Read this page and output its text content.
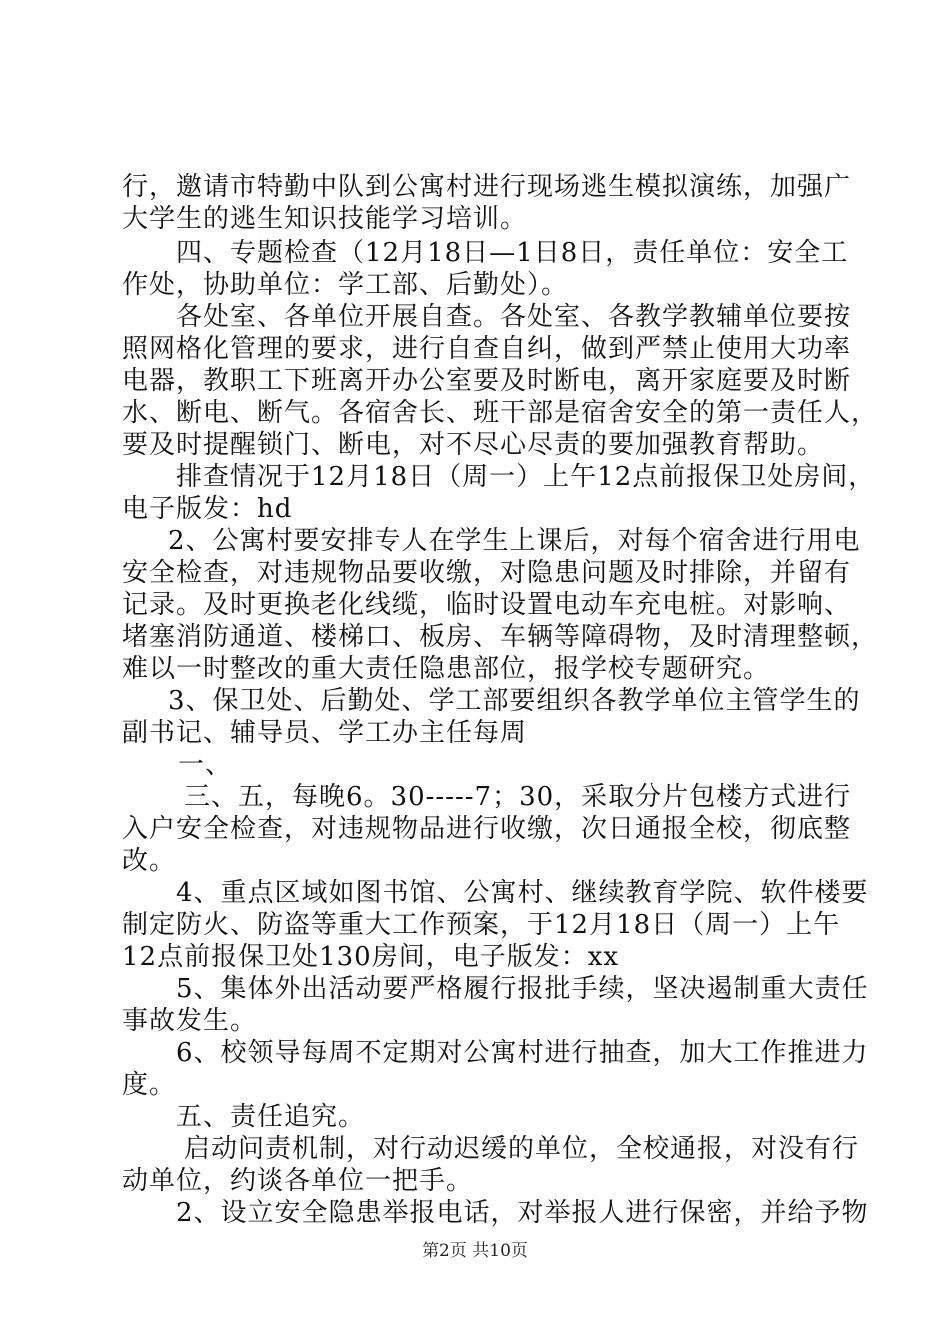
行，邀请市特勤中队到公寓村进行现场逃生模拟演练，加强广
大学生的逃生知识技能学习培训。
四、专题检查（12月18日—1日8日，责任单位：安全工
作处，协助单位：学工部、后勤处）。
各处室、各单位开展自查。各处室、各教学教辅单位要按
照网格化管理的要求，进行自查自纠，做到严禁止使用大功率
电器，教职工下班离开办公室要及时断电，离开家庭要及时断
水、断电、断气。各宿舍长、班干部是宿舍安全的第一责任人，
要及时提醒锁门、断电，对不尽心尽责的要加强教育帮助。
排查情况于12月18日（周一）上午12点前报保卫处房间，
电子版发：hd
2、公寓村要安排专人在学生上课后，对每个宿舍进行用电
安全检查，对违规物品要收缴，对隐患问题及时排除，并留有
记录。及时更换老化线缆，临时设置电动车充电桩。对影响、
堵塞消防通道、楼梯口、板房、车辆等障碍物，及时清理整顿，
难以一时整改的重大责任隐患部位，报学校专题研究。
3、保卫处、后勤处、学工部要组织各教学单位主管学生的
副书记、辅导员、学工办主任每周
一、
三、五，每晚6。30-----7；30，采取分片包楼方式进行
入户安全检查，对违规物品进行收缴，次日通报全校，彻底整
改。
4、重点区域如图书馆、公寓村、继续教育学院、软件楼要
制定防火、防盗等重大工作预案，于12月18日（周一）上午
12点前报保卫处130房间，电子版发：xx
5、集体外出活动要严格履行报批手续，坚决遏制重大责任
事故发生。
6、校领导每周不定期对公寓村进行抽查，加大工作推进力
度。
五、责任追究。
启动问责机制，对行动迟缓的单位，全校通报，对没有行
动单位，约谈各单位一把手。
2、设立安全隐患举报电话，对举报人进行保密，并给予物
第2页 共10页
